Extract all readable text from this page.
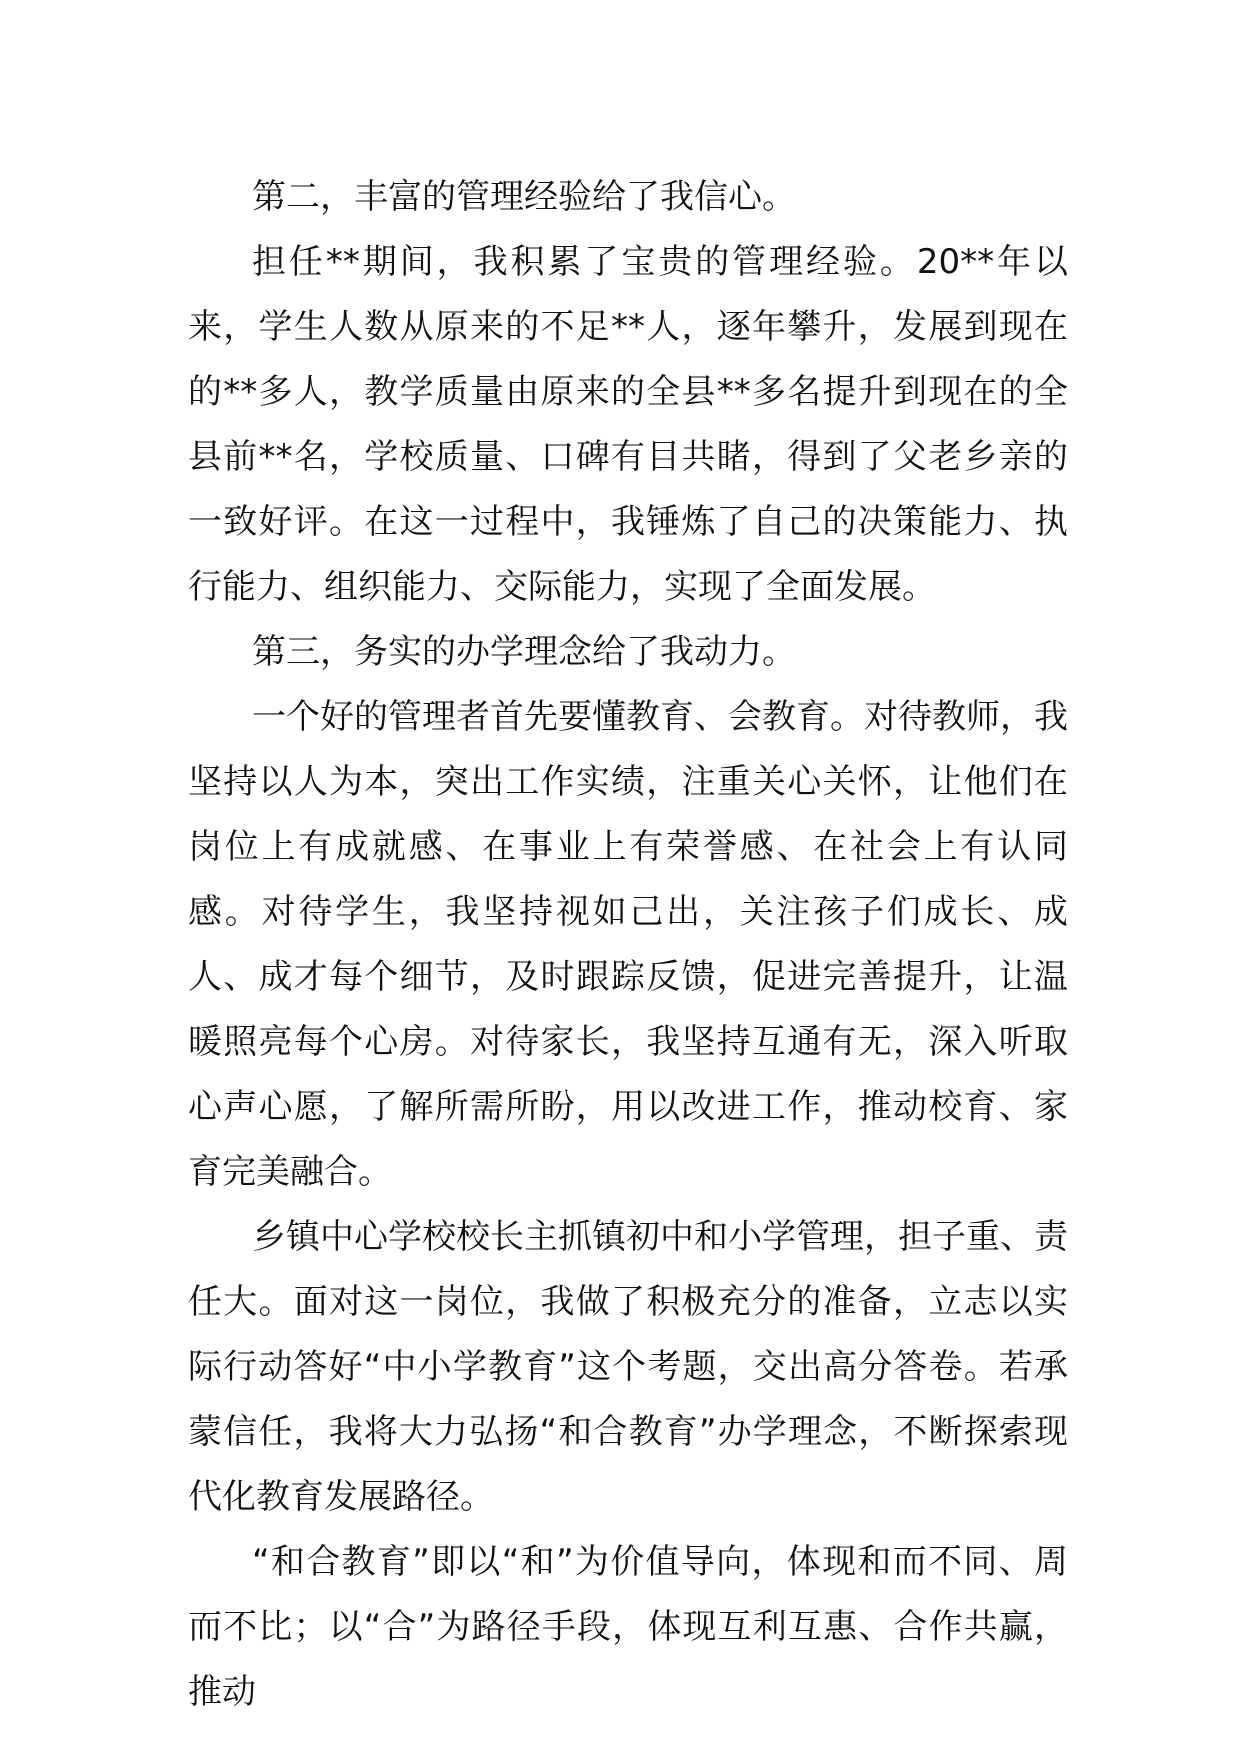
第二，丰富的管理经验给了我信心。

担任**期间，我积累了宝贵的管理经验。20**年以来，学生人数从原来的不足**人，逐年攀升，发展到现在的**多人，教学质量由原来的全县**多名提升到现在的全县前**名，学校质量、口碑有目共睹，得到了父老乡亲的一致好评。在这一过程中，我锤炼了自己的决策能力、执行能力、组织能力、交际能力，实现了全面发展。

第三，务实的办学理念给了我动力。

一个好的管理者首先要懂教育、会教育。对待教师，我坚持以人为本，突出工作实绩，注重关心关怀，让他们在岗位上有成就感、在事业上有荣誉感、在社会上有认同感。对待学生，我坚持视如己出，关注孩子们成长、成人、成才每个细节，及时跟踪反馈，促进完善提升，让温暖照亮每个心房。对待家长，我坚持互通有无，深入听取心声心愿，了解所需所盼，用以改进工作，推动校育、家育完美融合。

乡镇中心学校校长主抓镇初中和小学管理，担子重、责任大。面对这一岗位，我做了积极充分的准备，立志以实际行动答好“中小学教育”这个考题，交出高分答卷。若承蒙信任，我将大力弘扬“和合教育”办学理念，不断探索现代化教育发展路径。

“和合教育”即以“和”为价值导向，体现和而不同、周而不比；以“合”为路径手段，体现互利互惠、合作共赢，推动
